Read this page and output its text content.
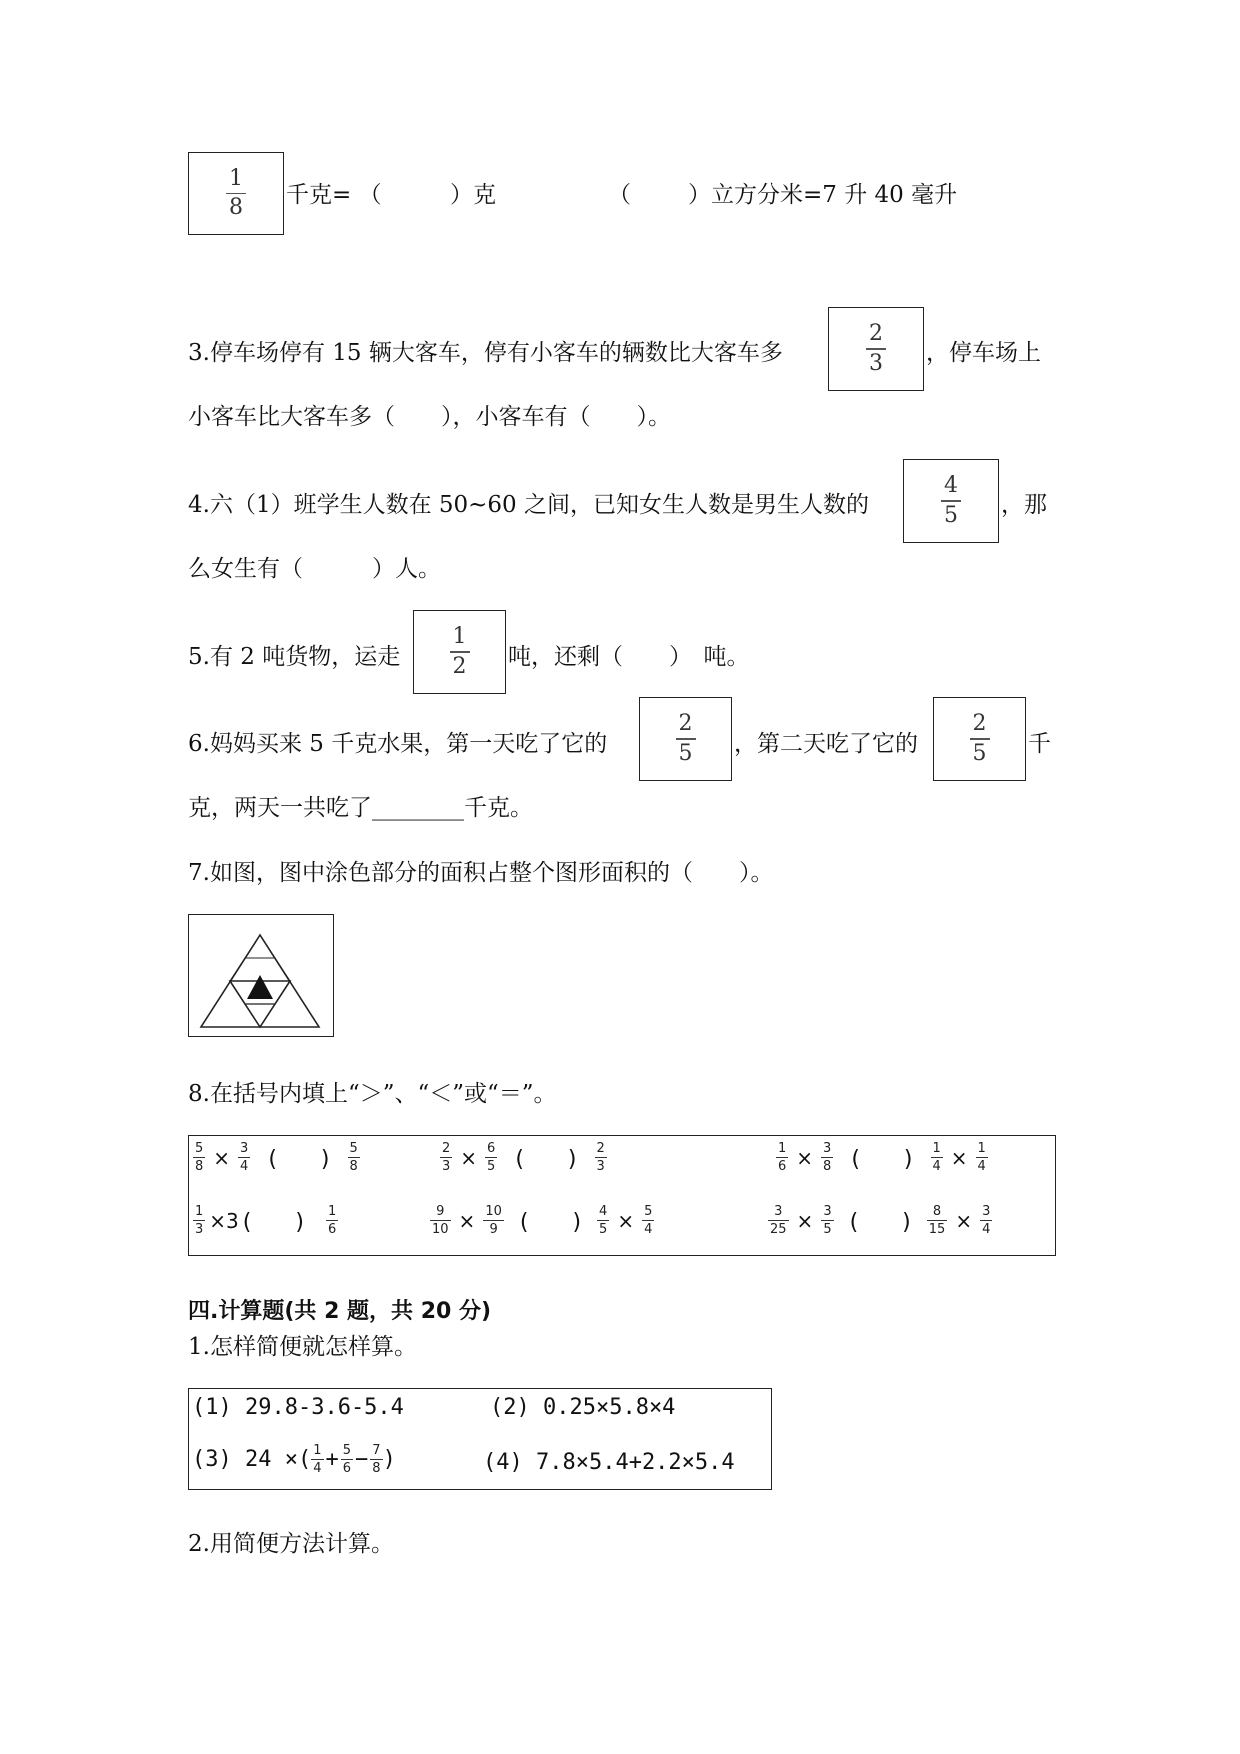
$\frac{1}{8}$ 千克= （	）克	（ ）立方分米=7 升 40 毫升
3.停车场停有 15 辆大客车，停有小客车的辆数比大客车多	$\frac{2}{3}$ ，停车场上
小客车比大客车多（　　），小客车有（　　）。
4.六（1）班学生人数在 50~60 之间，已知女生人数是男生人数的	$\frac{4}{5}$ ，那
么女生有（　　　）人。
5.有 2 吨货物，运走 $\frac{1}{2}$ 吨，还剩（　　）　吨。
6.妈妈买来 5 千克水果，第一天吃了它的	$\frac{2}{5}$ ，第二天吃了它的 $\frac{2}{5}$ 千
克，两天一共吃了________千克。
7.如图，图中涂色部分的面积占整个图形面积的（　　）。
8.在括号内填上“＞”、“＜”或“＝”。
$\frac{5}{8} \times \frac{3}{4}$ (　　) $\frac{5}{8}$	$\frac{2}{3} \times \frac{6}{5}$ (　　) $\frac{2}{3}$	$\frac{1}{6} \times \frac{3}{8}$ (　　) $\frac{1}{4} \times \frac{1}{4}$
$\frac{1}{3} \times 3$ (　　) $\frac{1}{6}$	$\frac{9}{10} \times \frac{10}{9}$ (　　) $\frac{4}{5} \times \frac{5}{4}$	$\frac{3}{25} \times \frac{3}{5}$ (　　) $\frac{8}{15} \times \frac{3}{4}$
四.计算题(共 2 题，共 20 分)
1.怎样简便就怎样算。
(1) 29.8-3.6-5.4	(2) 0.25×5.8×4
(3) 24 ×( $\frac{1}{4} + \frac{5}{6} - \frac{7}{8}$ )	(4) 7.8×5.4+2.2×5.4
2.用简便方法计算。
